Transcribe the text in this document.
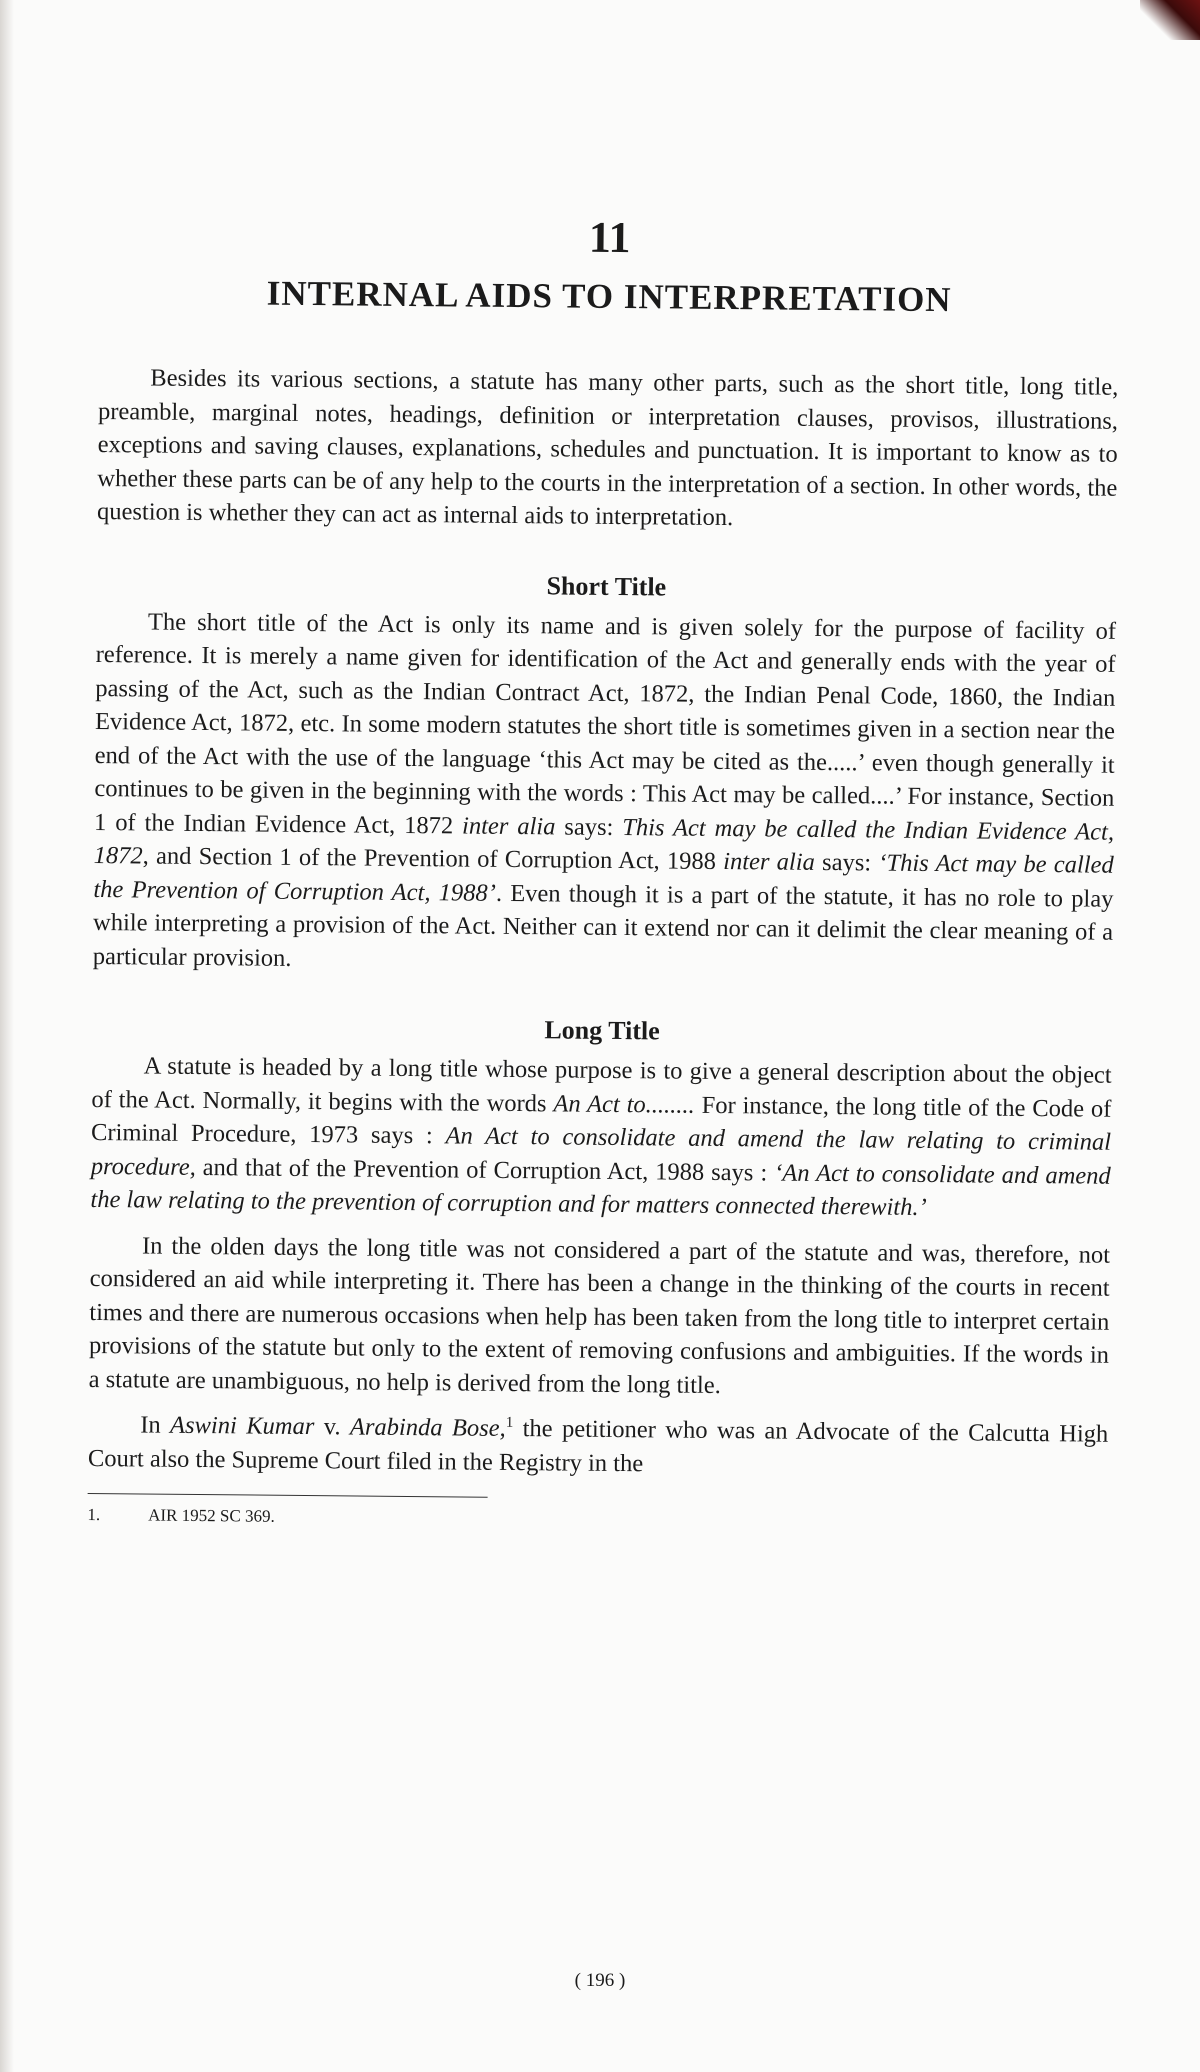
11
INTERNAL AIDS TO INTERPRETATION

Besides its various sections, a statute has many other parts, such as the short title, long title, preamble, marginal notes, headings, definition or interpretation clauses, provisos, illustrations, exceptions and saving clauses, explanations, schedules and punctuation. It is important to know as to whether these parts can be of any help to the courts in the interpretation of a section. In other words, the question is whether they can act as internal aids to interpretation.

Short Title

The short title of the Act is only its name and is given solely for the purpose of facility of reference. It is merely a name given for identification of the Act and generally ends with the year of passing of the Act, such as the Indian Contract Act, 1872, the Indian Penal Code, 1860, the Indian Evidence Act, 1872, etc. In some modern statutes the short title is sometimes given in a section near the end of the Act with the use of the language ‘this Act may be cited as the.....’ even though generally it continues to be given in the beginning with the words : This Act may be called....’ For instance, Section 1 of the Indian Evidence Act, 1872 inter alia says: This Act may be called the Indian Evidence Act, 1872, and Section 1 of the Prevention of Corruption Act, 1988 inter alia says: ‘This Act may be called the Prevention of Corruption Act, 1988’. Even though it is a part of the statute, it has no role to play while interpreting a provision of the Act. Neither can it extend nor can it delimit the clear meaning of a particular provision.

Long Title

A statute is headed by a long title whose purpose is to give a general description about the object of the Act. Normally, it begins with the words An Act to........ For instance, the long title of the Code of Criminal Procedure, 1973 says : An Act to consolidate and amend the law relating to criminal procedure, and that of the Prevention of Corruption Act, 1988 says : ‘An Act to consolidate and amend the law relating to the prevention of corruption and for matters connected therewith.’

In the olden days the long title was not considered a part of the statute and was, therefore, not considered an aid while interpreting it. There has been a change in the thinking of the courts in recent times and there are numerous occasions when help has been taken from the long title to interpret certain provisions of the statute but only to the extent of removing confusions and ambiguities. If the words in a statute are unambiguous, no help is derived from the long title.

In Aswini Kumar v. Arabinda Bose,$^1$ the petitioner who was an Advocate of the Calcutta High Court also the Supreme Court filed in the Registry in the

1.	AIR 1952 SC 369.
( 196 )
